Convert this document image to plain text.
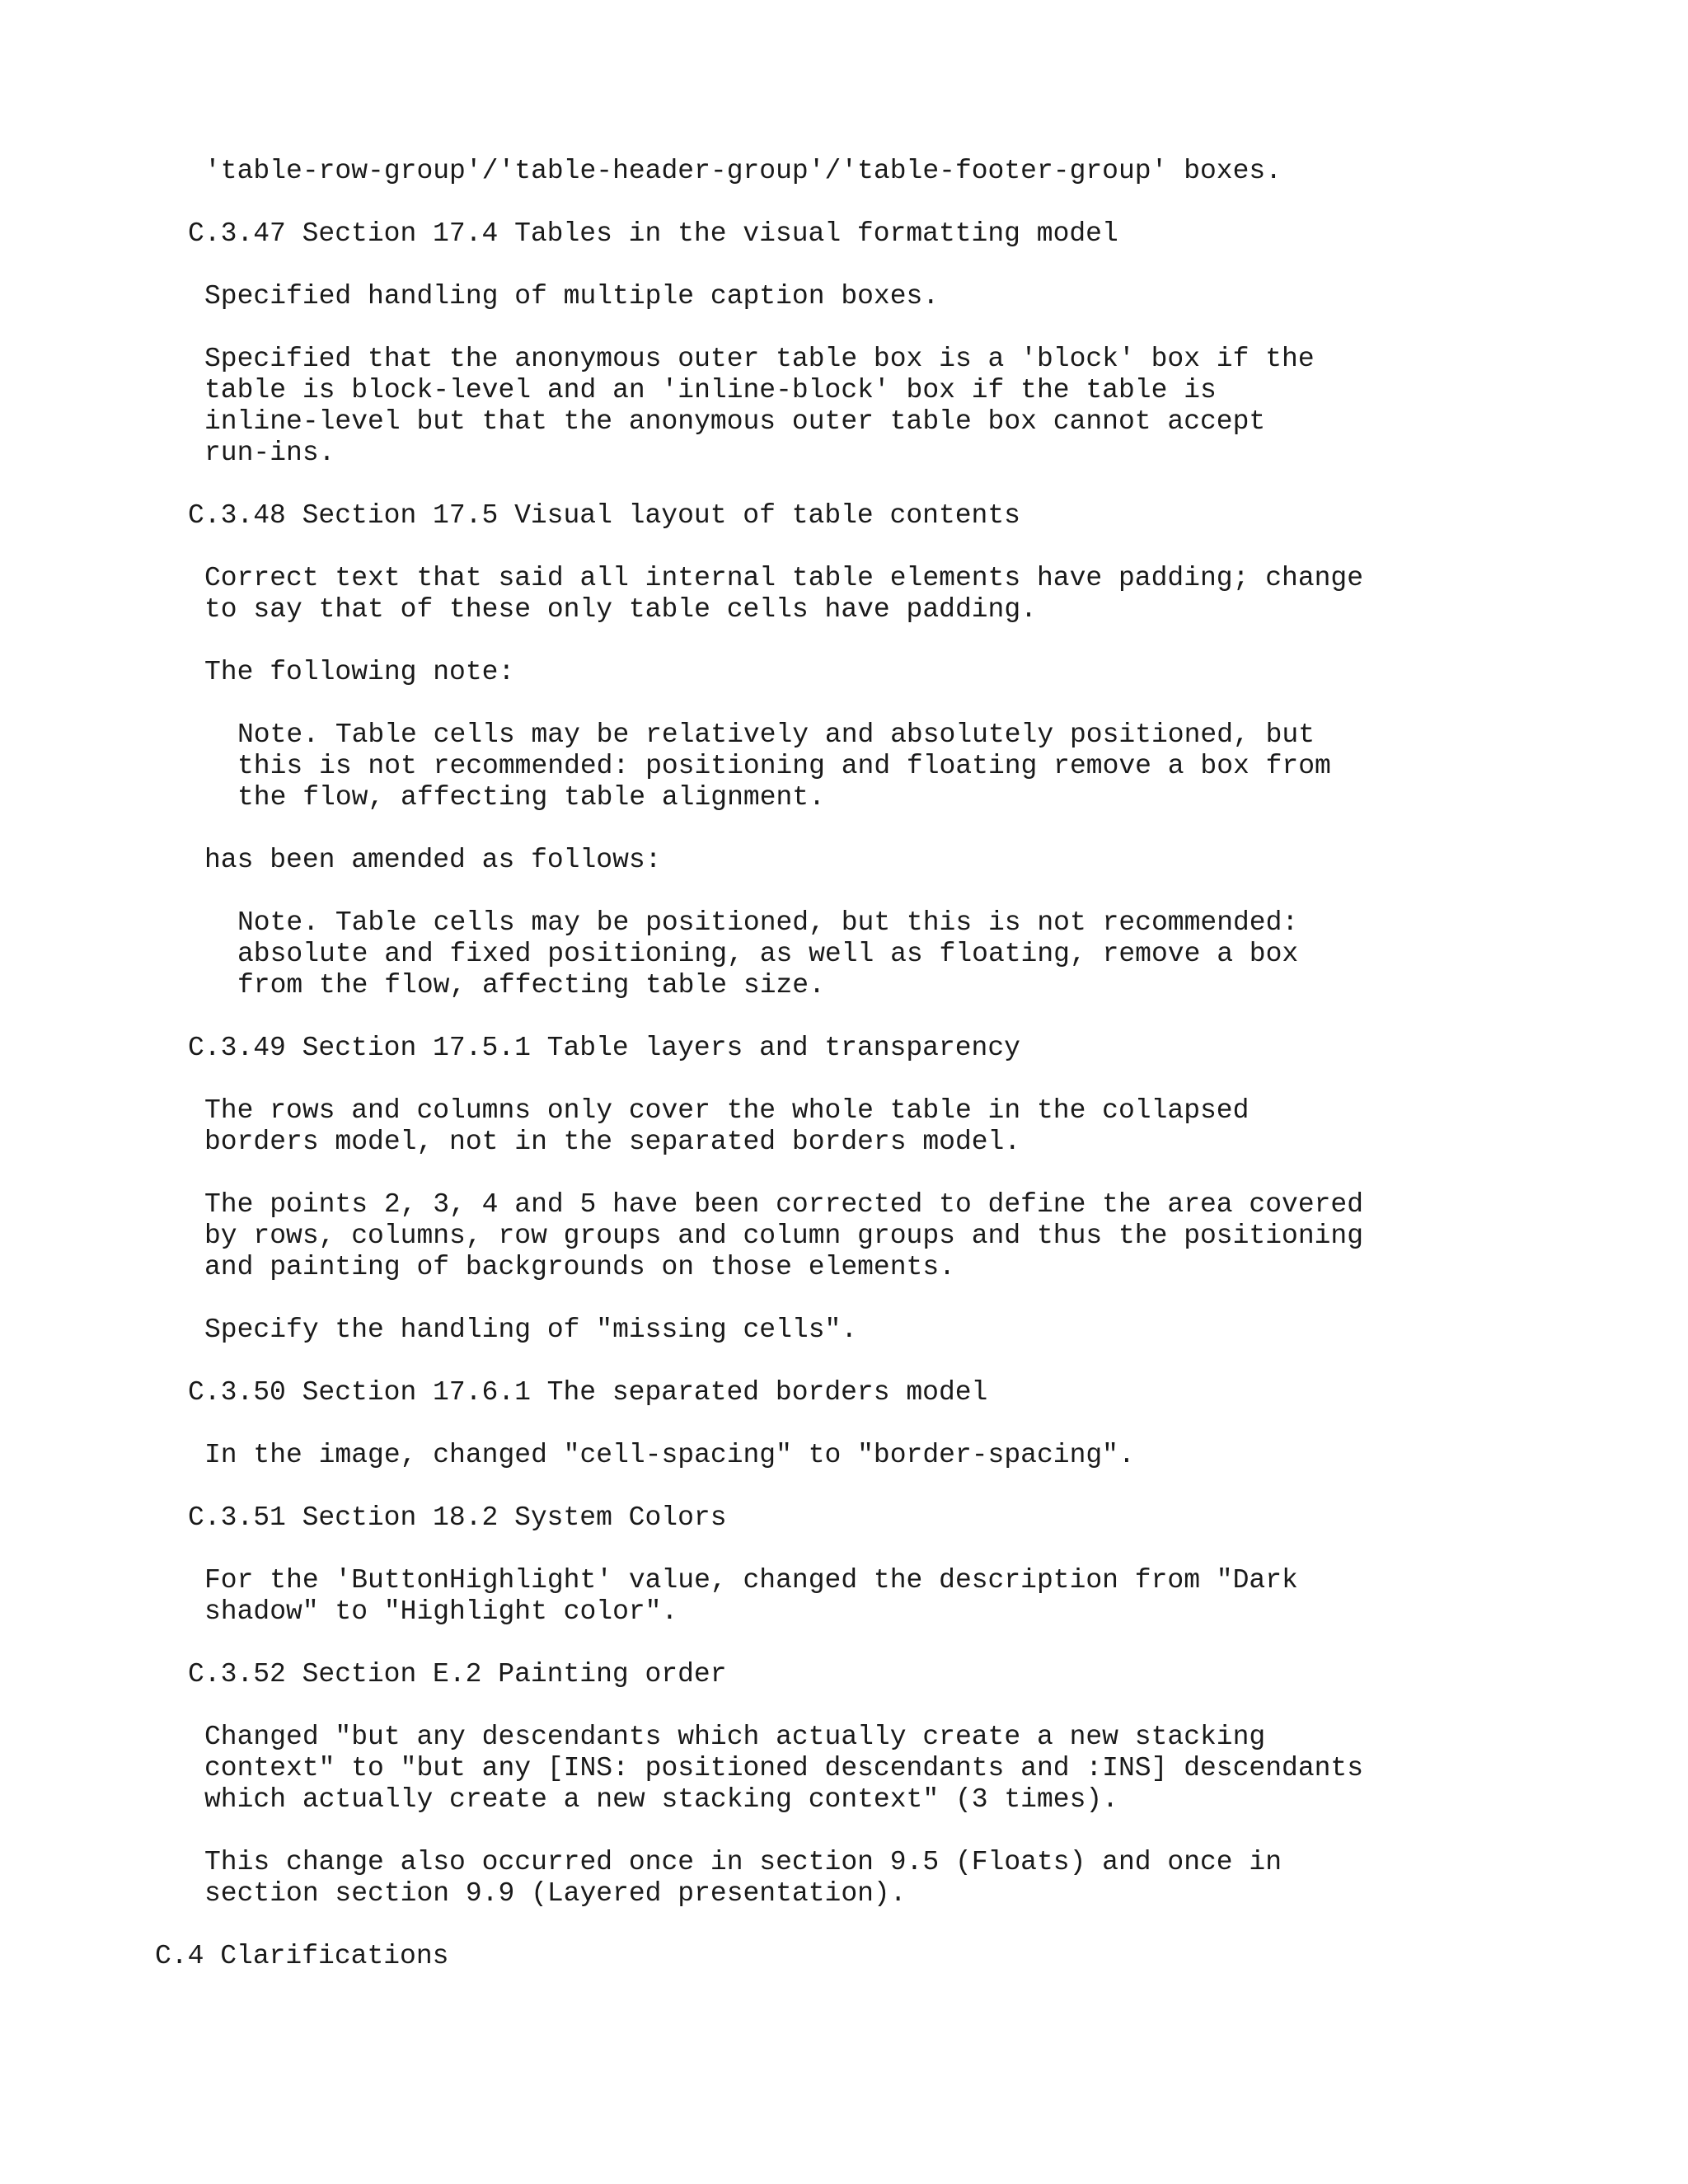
'table-row-group'/'table-header-group'/'table-footer-group' boxes.
C.3.47 Section 17.4 Tables in the visual formatting model
Specified handling of multiple caption boxes.
Specified that the anonymous outer table box is a 'block' box if the
table is block-level and an 'inline-block' box if the table is
inline-level but that the anonymous outer table box cannot accept
run-ins.
C.3.48 Section 17.5 Visual layout of table contents
Correct text that said all internal table elements have padding; change
to say that of these only table cells have padding.
The following note:
Note. Table cells may be relatively and absolutely positioned, but
this is not recommended: positioning and floating remove a box from
the flow, affecting table alignment.
has been amended as follows:
Note. Table cells may be positioned, but this is not recommended:
absolute and fixed positioning, as well as floating, remove a box
from the flow, affecting table size.
C.3.49 Section 17.5.1 Table layers and transparency
The rows and columns only cover the whole table in the collapsed
borders model, not in the separated borders model.
The points 2, 3, 4 and 5 have been corrected to define the area covered
by rows, columns, row groups and column groups and thus the positioning
and painting of backgrounds on those elements.
Specify the handling of "missing cells".
C.3.50 Section 17.6.1 The separated borders model
In the image, changed "cell-spacing" to "border-spacing".
C.3.51 Section 18.2 System Colors
For the 'ButtonHighlight' value, changed the description from "Dark
shadow" to "Highlight color".
C.3.52 Section E.2 Painting order
Changed "but any descendants which actually create a new stacking
context" to "but any [INS: positioned descendants and :INS] descendants
which actually create a new stacking context" (3 times).
This change also occurred once in section 9.5 (Floats) and once in
section section 9.9 (Layered presentation).
C.4 Clarifications
